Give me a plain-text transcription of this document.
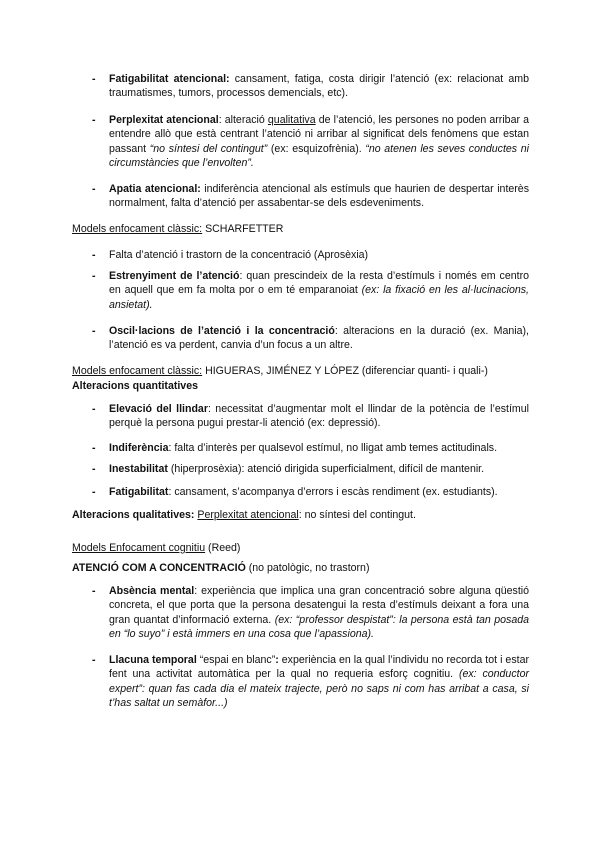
- Fatigabilitat atencional: cansament, fatiga, costa dirigir l’atenció (ex: relacionat amb traumatismes, tumors, processos demencials, etc).
- Perplexitat atencional: alteració qualitativa de l’atenció, les persones no poden arribar a entendre allò que està centrant l’atenció ni arribar al significat dels fenòmens que estan passant “no síntesi del contingut” (ex: esquizofrènia). “no atenen les seves conductes ni circumstàncies que l’envolten”.
- Apatia atencional: indiferència atencional als estímuls que haurien de despertar interès normalment, falta d’atenció per assabentar-se dels esdeveniments.
Models enfocament clàssic: SCHARFETTER
- Falta d’atenció i trastorn de la concentració (Aprosèxia)
- Estrenyiment de l’atenció: quan prescindeix de la resta d’estímuls i només em centro en aquell que em fa molta por o em té emparanoiat (ex: la fixació en les al·lucinacions, ansietat).
- Oscil·lacions de l’atenció i la concentració: alteracions en la duració (ex. Mania), l’atenció es va perdent, canvia d’un focus a un altre.
Models enfocament clàssic: HIGUERAS, JIMÉNEZ Y LÓPEZ (diferenciar quanti- i quali-)
Alteracions quantitatives
- Elevació del llindar: necessitat d’augmentar molt el llindar de la potència de l’estímul perquè la persona pugui prestar-li atenció (ex: depressió).
- Indiferència: falta d’interès per qualsevol estímul, no lligat amb temes actitudinals.
- Inestabilitat (hiperprosèxia): atenció dirigida superficialment, difícil de mantenir.
- Fatigabilitat: cansament, s’acompanya d’errors i escàs rendiment (ex. estudiants).
Alteracions qualitatives: Perplexitat atencional: no síntesi del contingut.
Models Enfocament cognitiu (Reed)
ATENCIÓ COM A CONCENTRACIÓ (no patològic, no trastorn)
- Absència mental: experiència que implica una gran concentració sobre alguna qüestió concreta, el que porta que la persona desatengui la resta d’estímuls deixant a fora una gran quantat d’informació externa. (ex: “professor despistat”: la persona està tan posada en “lo suyo” i està immers en una cosa que l’apassiona).
- Llacuna temporal “espai en blanc”: experiència en la qual l’individu no recorda tot i estar fent una activitat automàtica per la qual no requeria esforç cognitiu. (ex: conductor expert”: quan fas cada dia el mateix trajecte, però no saps ni com has arribat a casa, si t’has saltat un semàfor...)
